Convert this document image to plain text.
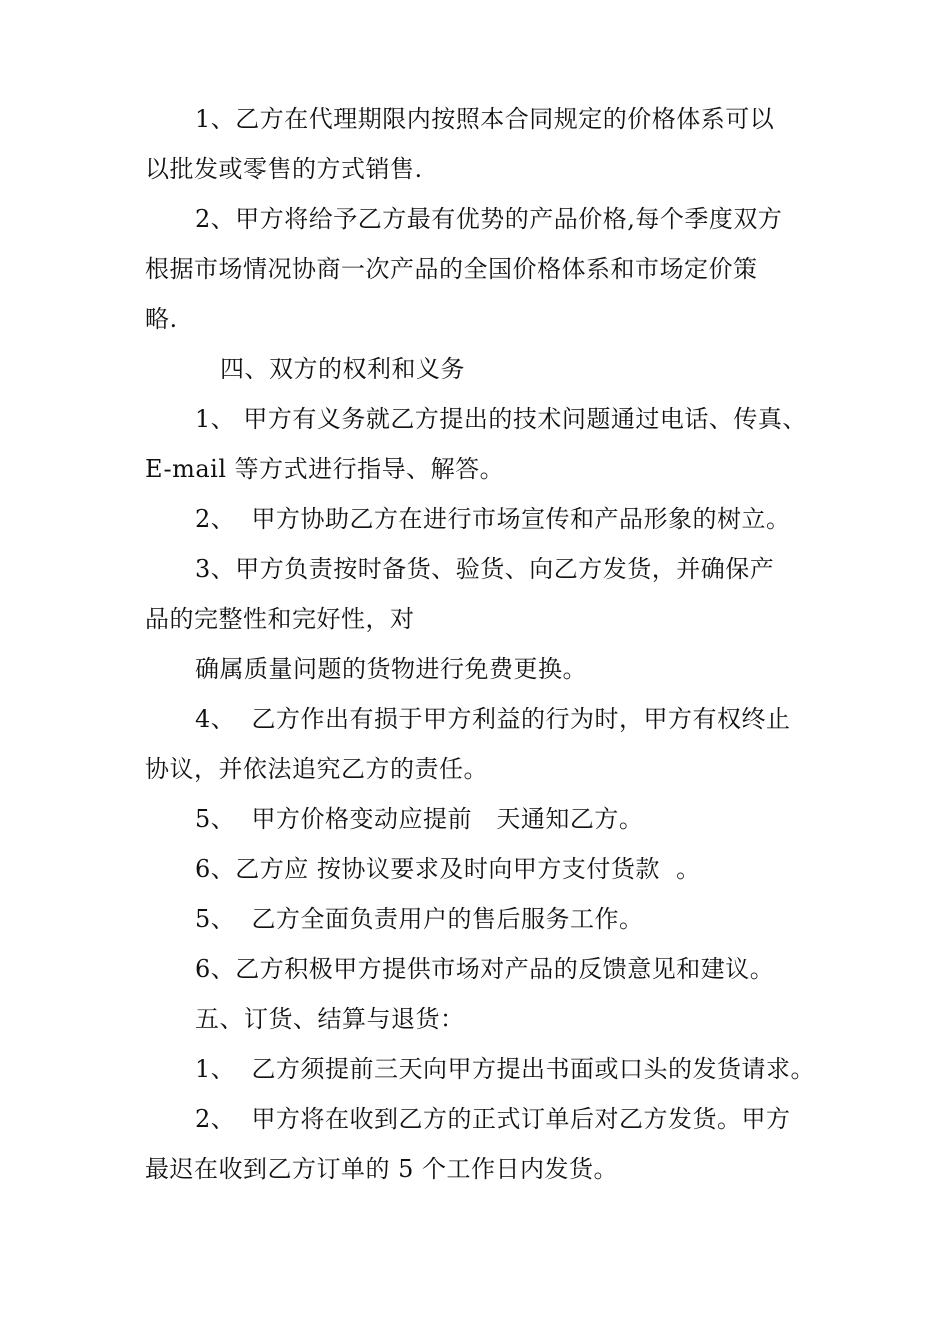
1、乙方在代理期限内按照本合同规定的价格体系可以
以批发或零售的方式销售.
2、甲方将给予乙方最有优势的产品价格,每个季度双方
根据市场情况协商一次产品的全国价格体系和市场定价策
略.
四、双方的权利和义务
1、 甲方有义务就乙方提出的技术问题通过电话、传真、
E-mail 等方式进行指导、解答。
2、  甲方协助乙方在进行市场宣传和产品形象的树立。
3、甲方负责按时备货、验货、向乙方发货，并确保产
品的完整性和完好性，对
确属质量问题的货物进行免费更换。
4、  乙方作出有损于甲方利益的行为时，甲方有权终止
协议，并依法追究乙方的责任。
5、  甲方价格变动应提前   天通知乙方。
6、乙方应 按协议要求及时向甲方支付货款  。
5、  乙方全面负责用户的售后服务工作。
6、乙方积极甲方提供市场对产品的反馈意见和建议。
五、订货、结算与退货：
1、  乙方须提前三天向甲方提出书面或口头的发货请求。
2、  甲方将在收到乙方的正式订单后对乙方发货。甲方
最迟在收到乙方订单的 5 个工作日内发货。
